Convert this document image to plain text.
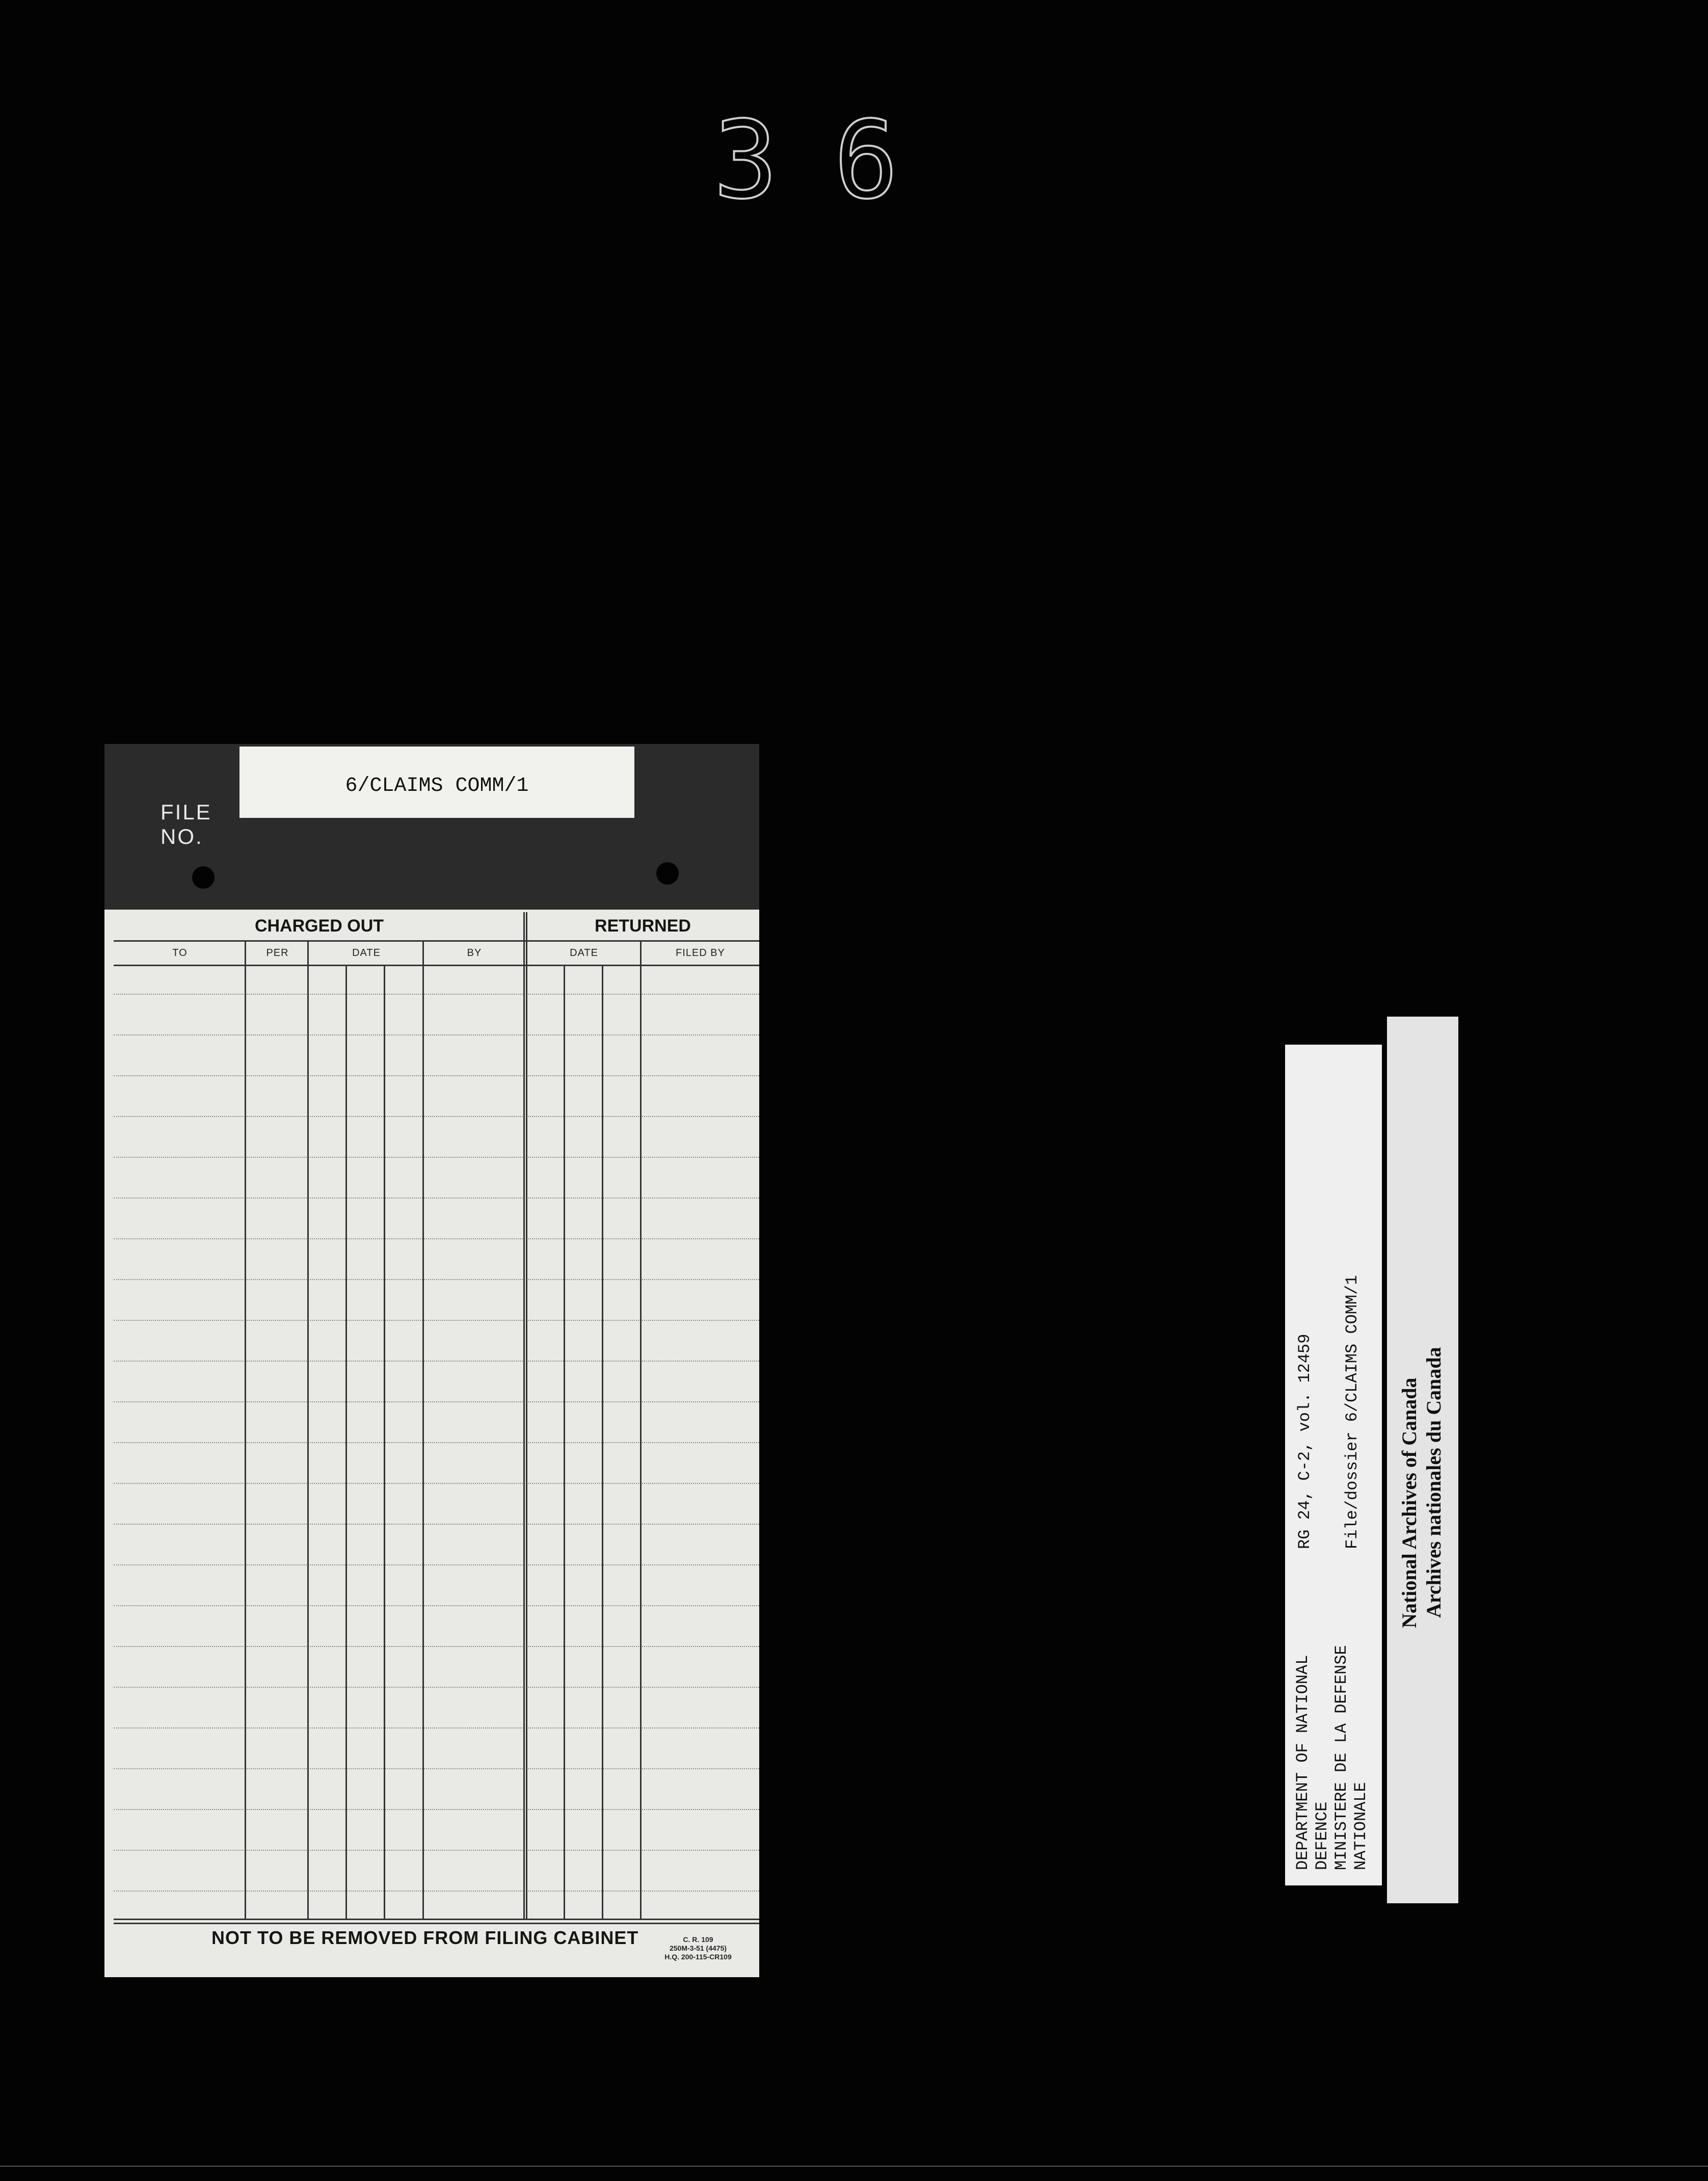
36
6/CLAIMS COMM/1
FILE
NO.
CHARGED OUT	RETURNED
TO	PER	DATE	BY	DATE	FILED BY
NOT TO BE REMOVED FROM FILING CABINET	C. R. 109
250M-3-51 (4475)
H.Q. 200-115-CR109
DEPARTMENT OF NATIONAL DEFENCE MINISTERE DE LA DEFENSE NATIONALE
RG 24, C-2, vol. 12459 File/dossier 6/CLAIMS COMM/1 National Archives of Canada Archives nationales du Canada
